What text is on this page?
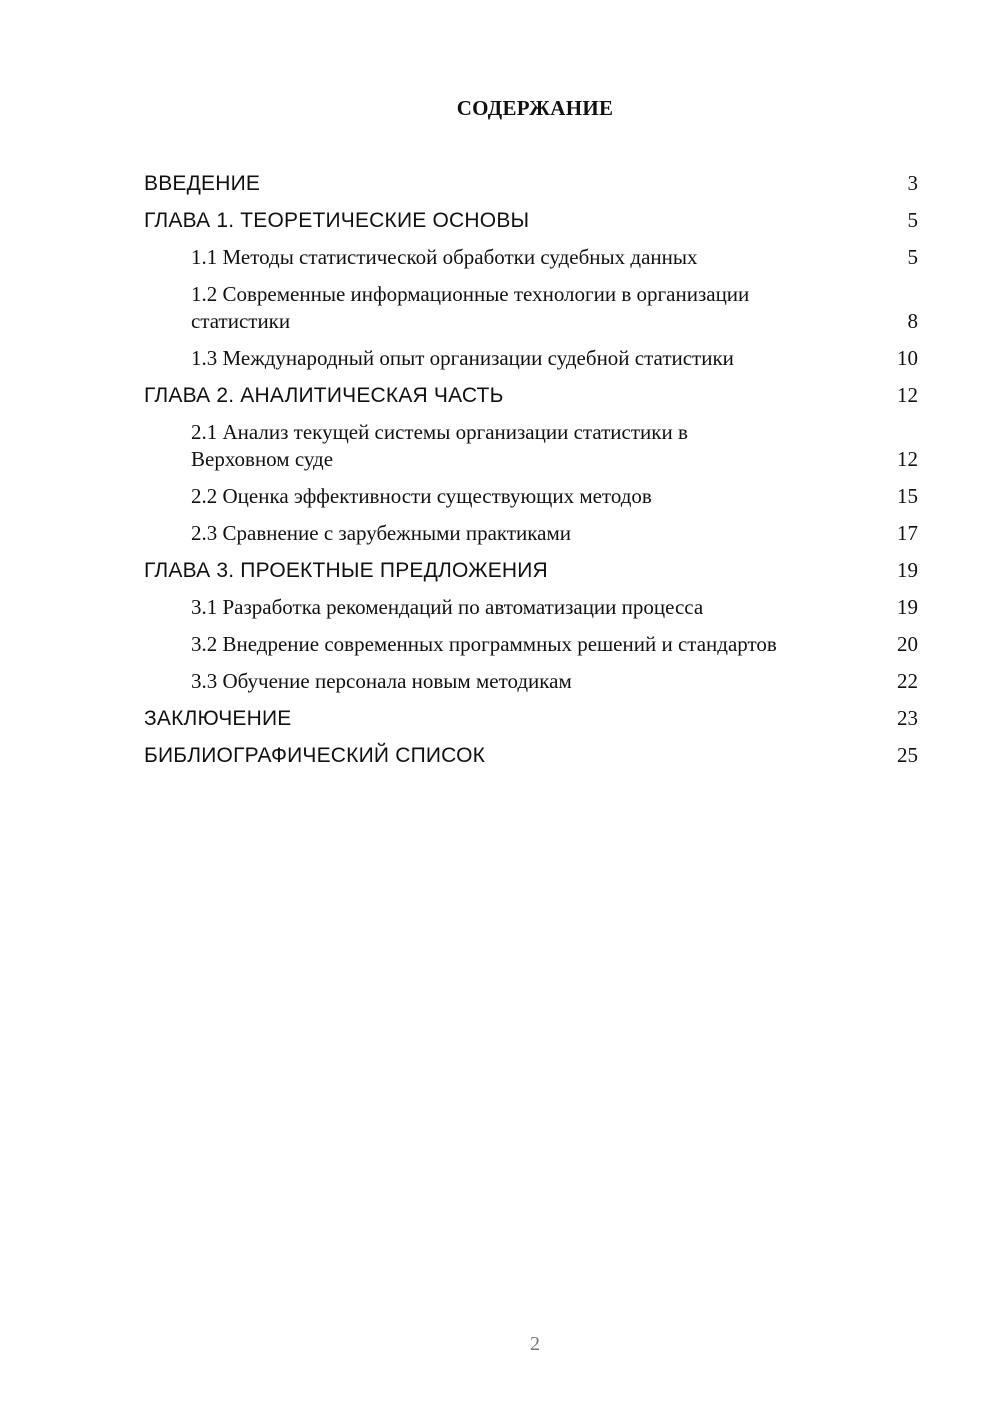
СОДЕРЖАНИЕ
ВВЕДЕНИЕ	3
ГЛАВА 1. ТЕОРЕТИЧЕСКИЕ ОСНОВЫ	5
1.1 Методы статистической обработки судебных данных	5
1.2 Современные информационные технологии в организации статистики	8
1.3 Международный опыт организации судебной статистики	10
ГЛАВА 2. АНАЛИТИЧЕСКАЯ ЧАСТЬ	12
2.1 Анализ текущей системы организации статистики в Верховном суде	12
2.2 Оценка эффективности существующих методов	15
2.3 Сравнение с зарубежными практиками	17
ГЛАВА 3. ПРОЕКТНЫЕ ПРЕДЛОЖЕНИЯ	19
3.1 Разработка рекомендаций по автоматизации процесса	19
3.2 Внедрение современных программных решений и стандартов	20
3.3 Обучение персонала новым методикам	22
ЗАКЛЮЧЕНИЕ	23
БИБЛИОГРАФИЧЕСКИЙ СПИСОК	25
2
